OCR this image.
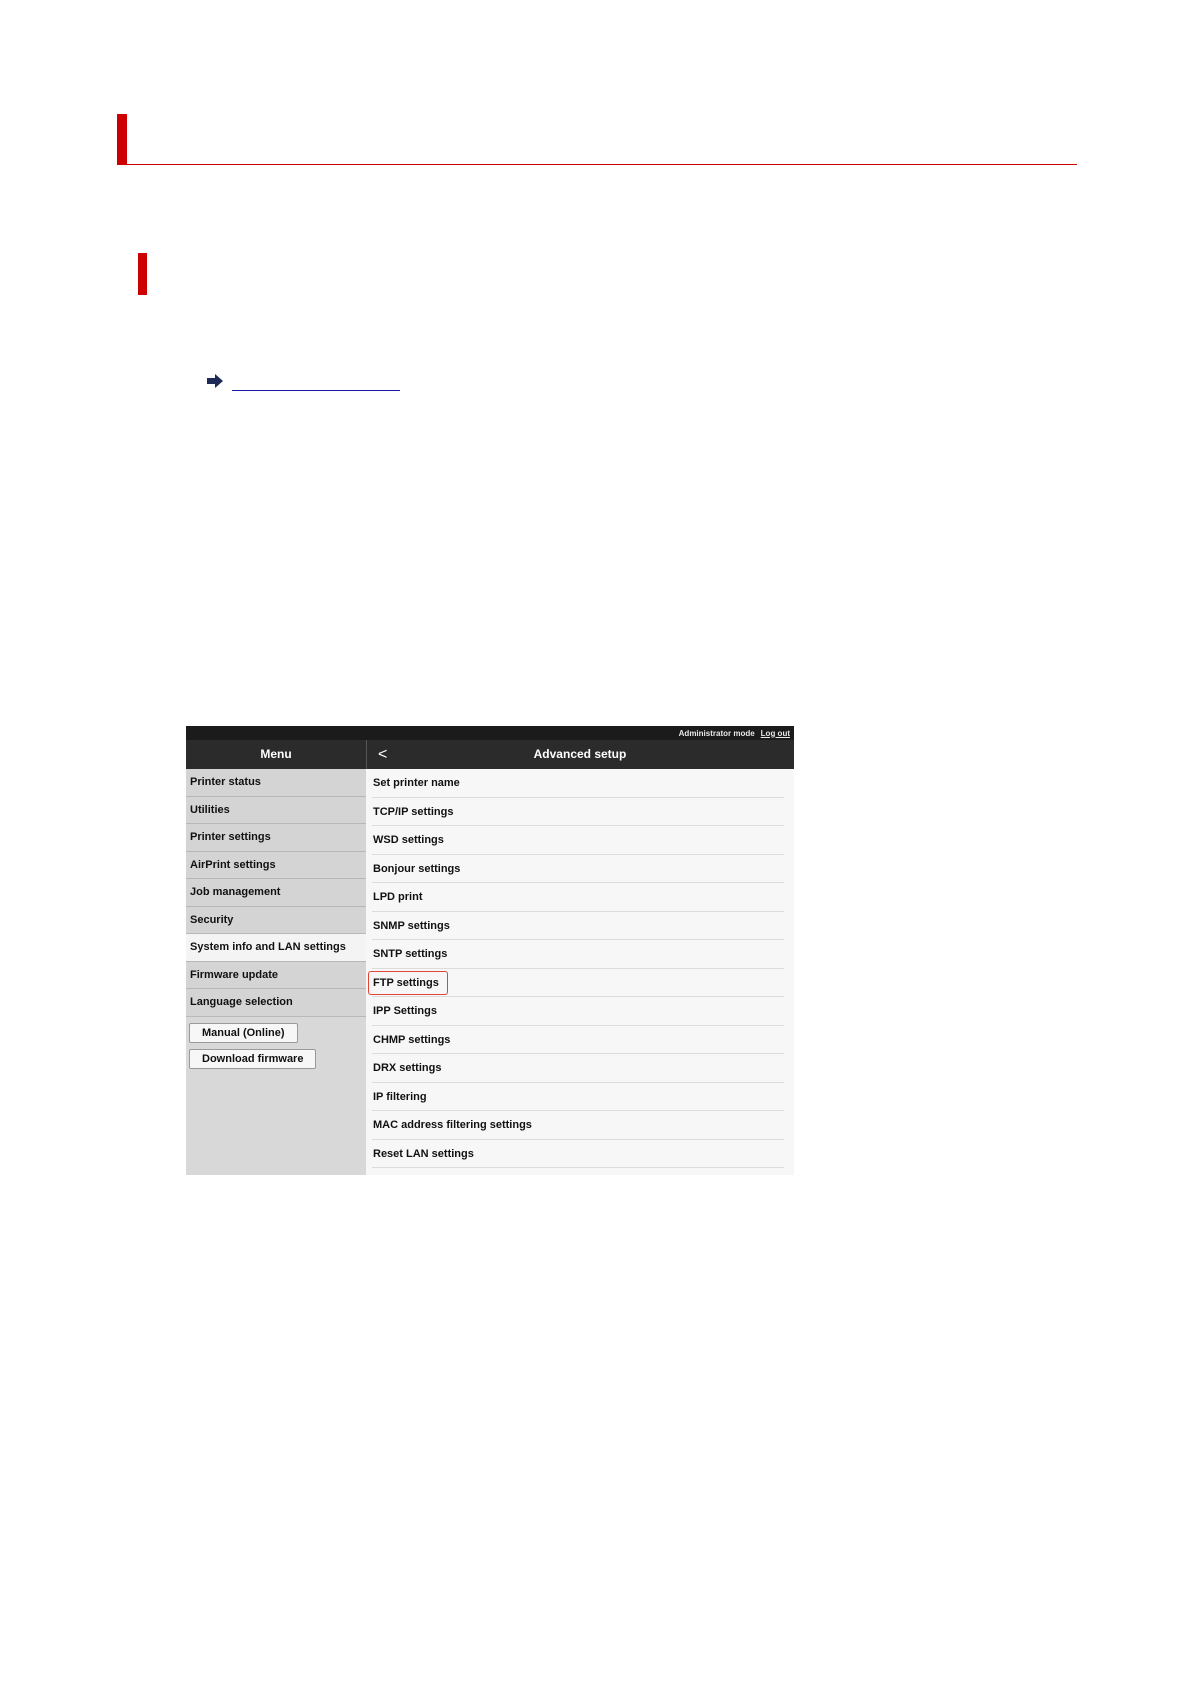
Administrator mode Log out
Menu	Advanced setup
<
Printer status
Utilities
Printer settings
AirPrint settings
Job management
Security
System info and LAN settings
Firmware update
Language selection
Manual (Online)
Download firmware
Set printer name
TCP/IP settings
WSD settings
Bonjour settings
LPD print
SNMP settings
SNTP settings
FTP settings
IPP Settings
CHMP settings
DRX settings
IP filtering
MAC address filtering settings
Reset LAN settings
